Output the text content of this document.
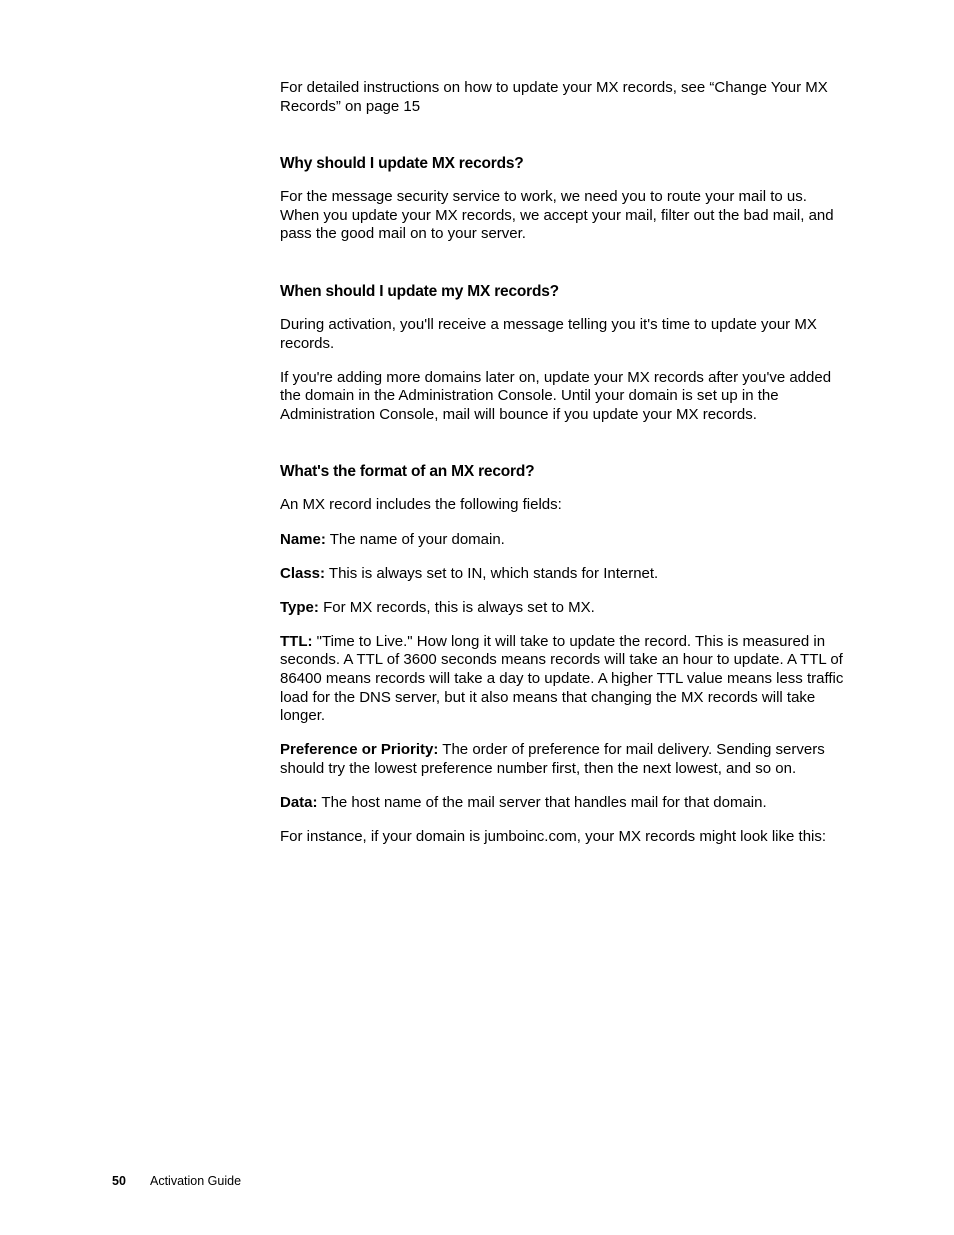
For detailed instructions on how to update your MX records, see “Change Your MX Records” on page 15

Why should I update MX records?

For the message security service to work, we need you to route your mail to us. When you update your MX records, we accept your mail, filter out the bad mail, and pass the good mail on to your server.

When should I update my MX records?

During activation, you'll receive a message telling you it's time to update your MX records.

If you're adding more domains later on, update your MX records after you've added the domain in the Administration Console. Until your domain is set up in the Administration Console, mail will bounce if you update your MX records.

What's the format of an MX record?

An MX record includes the following fields:

Name: The name of your domain.

Class: This is always set to IN, which stands for Internet.

Type: For MX records, this is always set to MX.

TTL: "Time to Live." How long it will take to update the record. This is measured in seconds. A TTL of 3600 seconds means records will take an hour to update. A TTL of 86400 means records will take a day to update. A higher TTL value means less traffic load for the DNS server, but it also means that changing the MX records will take longer.

Preference or Priority: The order of preference for mail delivery. Sending servers should try the lowest preference number first, then the next lowest, and so on.

Data: The host name of the mail server that handles mail for that domain.

For instance, if your domain is jumboinc.com, your MX records might look like this:

50 Activation Guide
